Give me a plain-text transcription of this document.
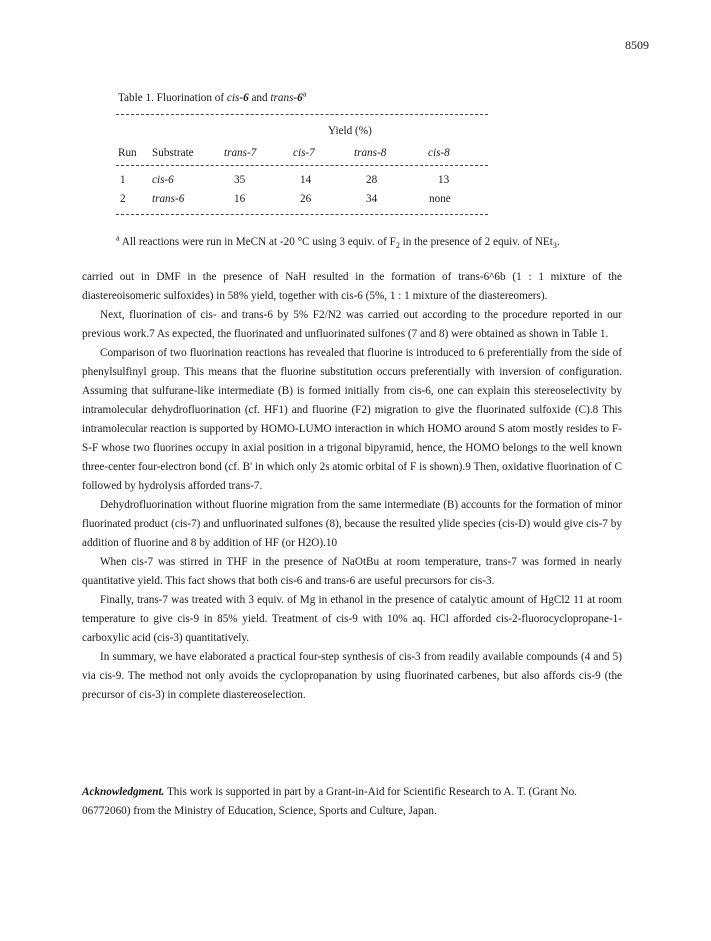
8509
Table 1. Fluorination of cis-6 and trans-6$^a$
Yield (%)
Run Substrate	trans-7	cis-7	trans-8	cis-8
1 cis-6	35	14	28	13
2 trans-6	16	26	34	none
$^a$ All reactions were run in MeCN at -20 °C using 3 equiv. of $F_2$ in the presence of 2 equiv. of NEt$_3$.

carried out in DMF in the presence of NaH resulted in the formation of trans-6^6b (1 : 1 mixture of the diastereoisomeric sulfoxides) in 58% yield, together with cis-6 (5%, 1 : 1 mixture of the diastereomers).

Next, fluorination of cis- and trans-6 by 5% F2/N2 was carried out according to the procedure reported in our previous work.7 As expected, the fluorinated and unfluorinated sulfones (7 and 8) were obtained as shown in Table 1.

Comparison of two fluorination reactions has revealed that fluorine is introduced to 6 preferentially from the side of phenylsulfinyl group. This means that the fluorine substitution occurs preferentially with inversion of configuration. Assuming that sulfurane-like intermediate (B) is formed initially from cis-6, one can explain this stereoselectivity by intramolecular dehydrofluorination (cf. HF1) and fluorine (F2) migration to give the fluorinated sulfoxide (C).8 This intramolecular reaction is supported by HOMO-LUMO interaction in which HOMO around S atom mostly resides to F-S-F whose two fluorines occupy in axial position in a trigonal bipyramid, hence, the HOMO belongs to the well known three-center four-electron bond (cf. B' in which only 2s atomic orbital of F is shown).9 Then, oxidative fluorination of C followed by hydrolysis afforded trans-7.

Dehydrofluorination without fluorine migration from the same intermediate (B) accounts for the formation of minor fluorinated product (cis-7) and unfluorinated sulfones (8), because the resulted ylide species (cis-D) would give cis-7 by addition of fluorine and 8 by addition of HF (or H2O).10

When cis-7 was stirred in THF in the presence of NaOtBu at room temperature, trans-7 was formed in nearly quantitative yield. This fact shows that both cis-6 and trans-6 are useful precursors for cis-3.

Finally, trans-7 was treated with 3 equiv. of Mg in ethanol in the presence of catalytic amount of HgCl2 11 at room temperature to give cis-9 in 85% yield. Treatment of cis-9 with 10% aq. HCl afforded cis-2-fluorocyclopropane-1-carboxylic acid (cis-3) quantitatively.

In summary, we have elaborated a practical four-step synthesis of cis-3 from readily available compounds (4 and 5) via cis-9. The method not only avoids the cyclopropanation by using fluorinated carbenes, but also affords cis-9 (the precursor of cis-3) in complete diastereoselection.

Acknowledgment. This work is supported in part by a Grant-in-Aid for Scientific Research to A. T. (Grant No. 06772060) from the Ministry of Education, Science, Sports and Culture, Japan.
